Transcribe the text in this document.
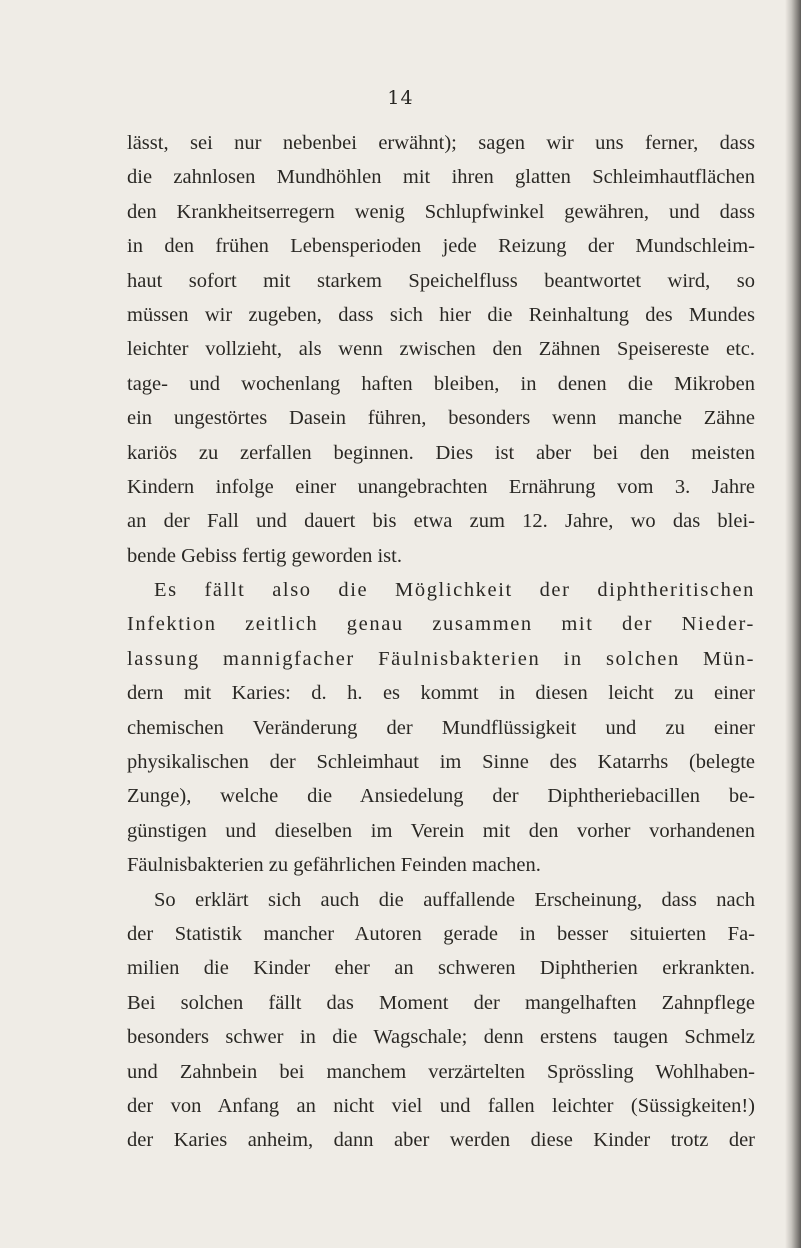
14
lässt, sei nur nebenbei erwähnt); sagen wir uns ferner, dass
die zahnlosen Mundhöhlen mit ihren glatten Schleimhautflächen
den Krankheitserregern wenig Schlupfwinkel gewähren, und dass
in den frühen Lebensperioden jede Reizung der Mundschleim-
haut sofort mit starkem Speichelfluss beantwortet wird, so
müssen wir zugeben, dass sich hier die Reinhaltung des Mundes
leichter vollzieht, als wenn zwischen den Zähnen Speisereste etc.
tage- und wochenlang haften bleiben, in denen die Mikroben
ein ungestörtes Dasein führen, besonders wenn manche Zähne
kariös zu zerfallen beginnen. Dies ist aber bei den meisten
Kindern infolge einer unangebrachten Ernährung vom 3. Jahre
an der Fall und dauert bis etwa zum 12. Jahre, wo das blei-
bende Gebiss fertig geworden ist.
Es fällt also die Möglichkeit der diphtheritischen
Infektion zeitlich genau zusammen mit der Nieder-
lassung mannigfacher Fäulnisbakterien in solchen Mün-
dern mit Karies: d. h. es kommt in diesen leicht zu einer
chemischen Veränderung der Mundflüssigkeit und zu einer
physikalischen der Schleimhaut im Sinne des Katarrhs (belegte
Zunge), welche die Ansiedelung der Diphtheriebacillen be-
günstigen und dieselben im Verein mit den vorher vorhandenen
Fäulnisbakterien zu gefährlichen Feinden machen.
So erklärt sich auch die auffallende Erscheinung, dass nach
der Statistik mancher Autoren gerade in besser situierten Fa-
milien die Kinder eher an schweren Diphtherien erkrankten.
Bei solchen fällt das Moment der mangelhaften Zahnpflege
besonders schwer in die Wagschale; denn erstens taugen Schmelz
und Zahnbein bei manchem verzärtelten Sprössling Wohlhaben-
der von Anfang an nicht viel und fallen leichter (Süssigkeiten!)
der Karies anheim, dann aber werden diese Kinder trotz der
